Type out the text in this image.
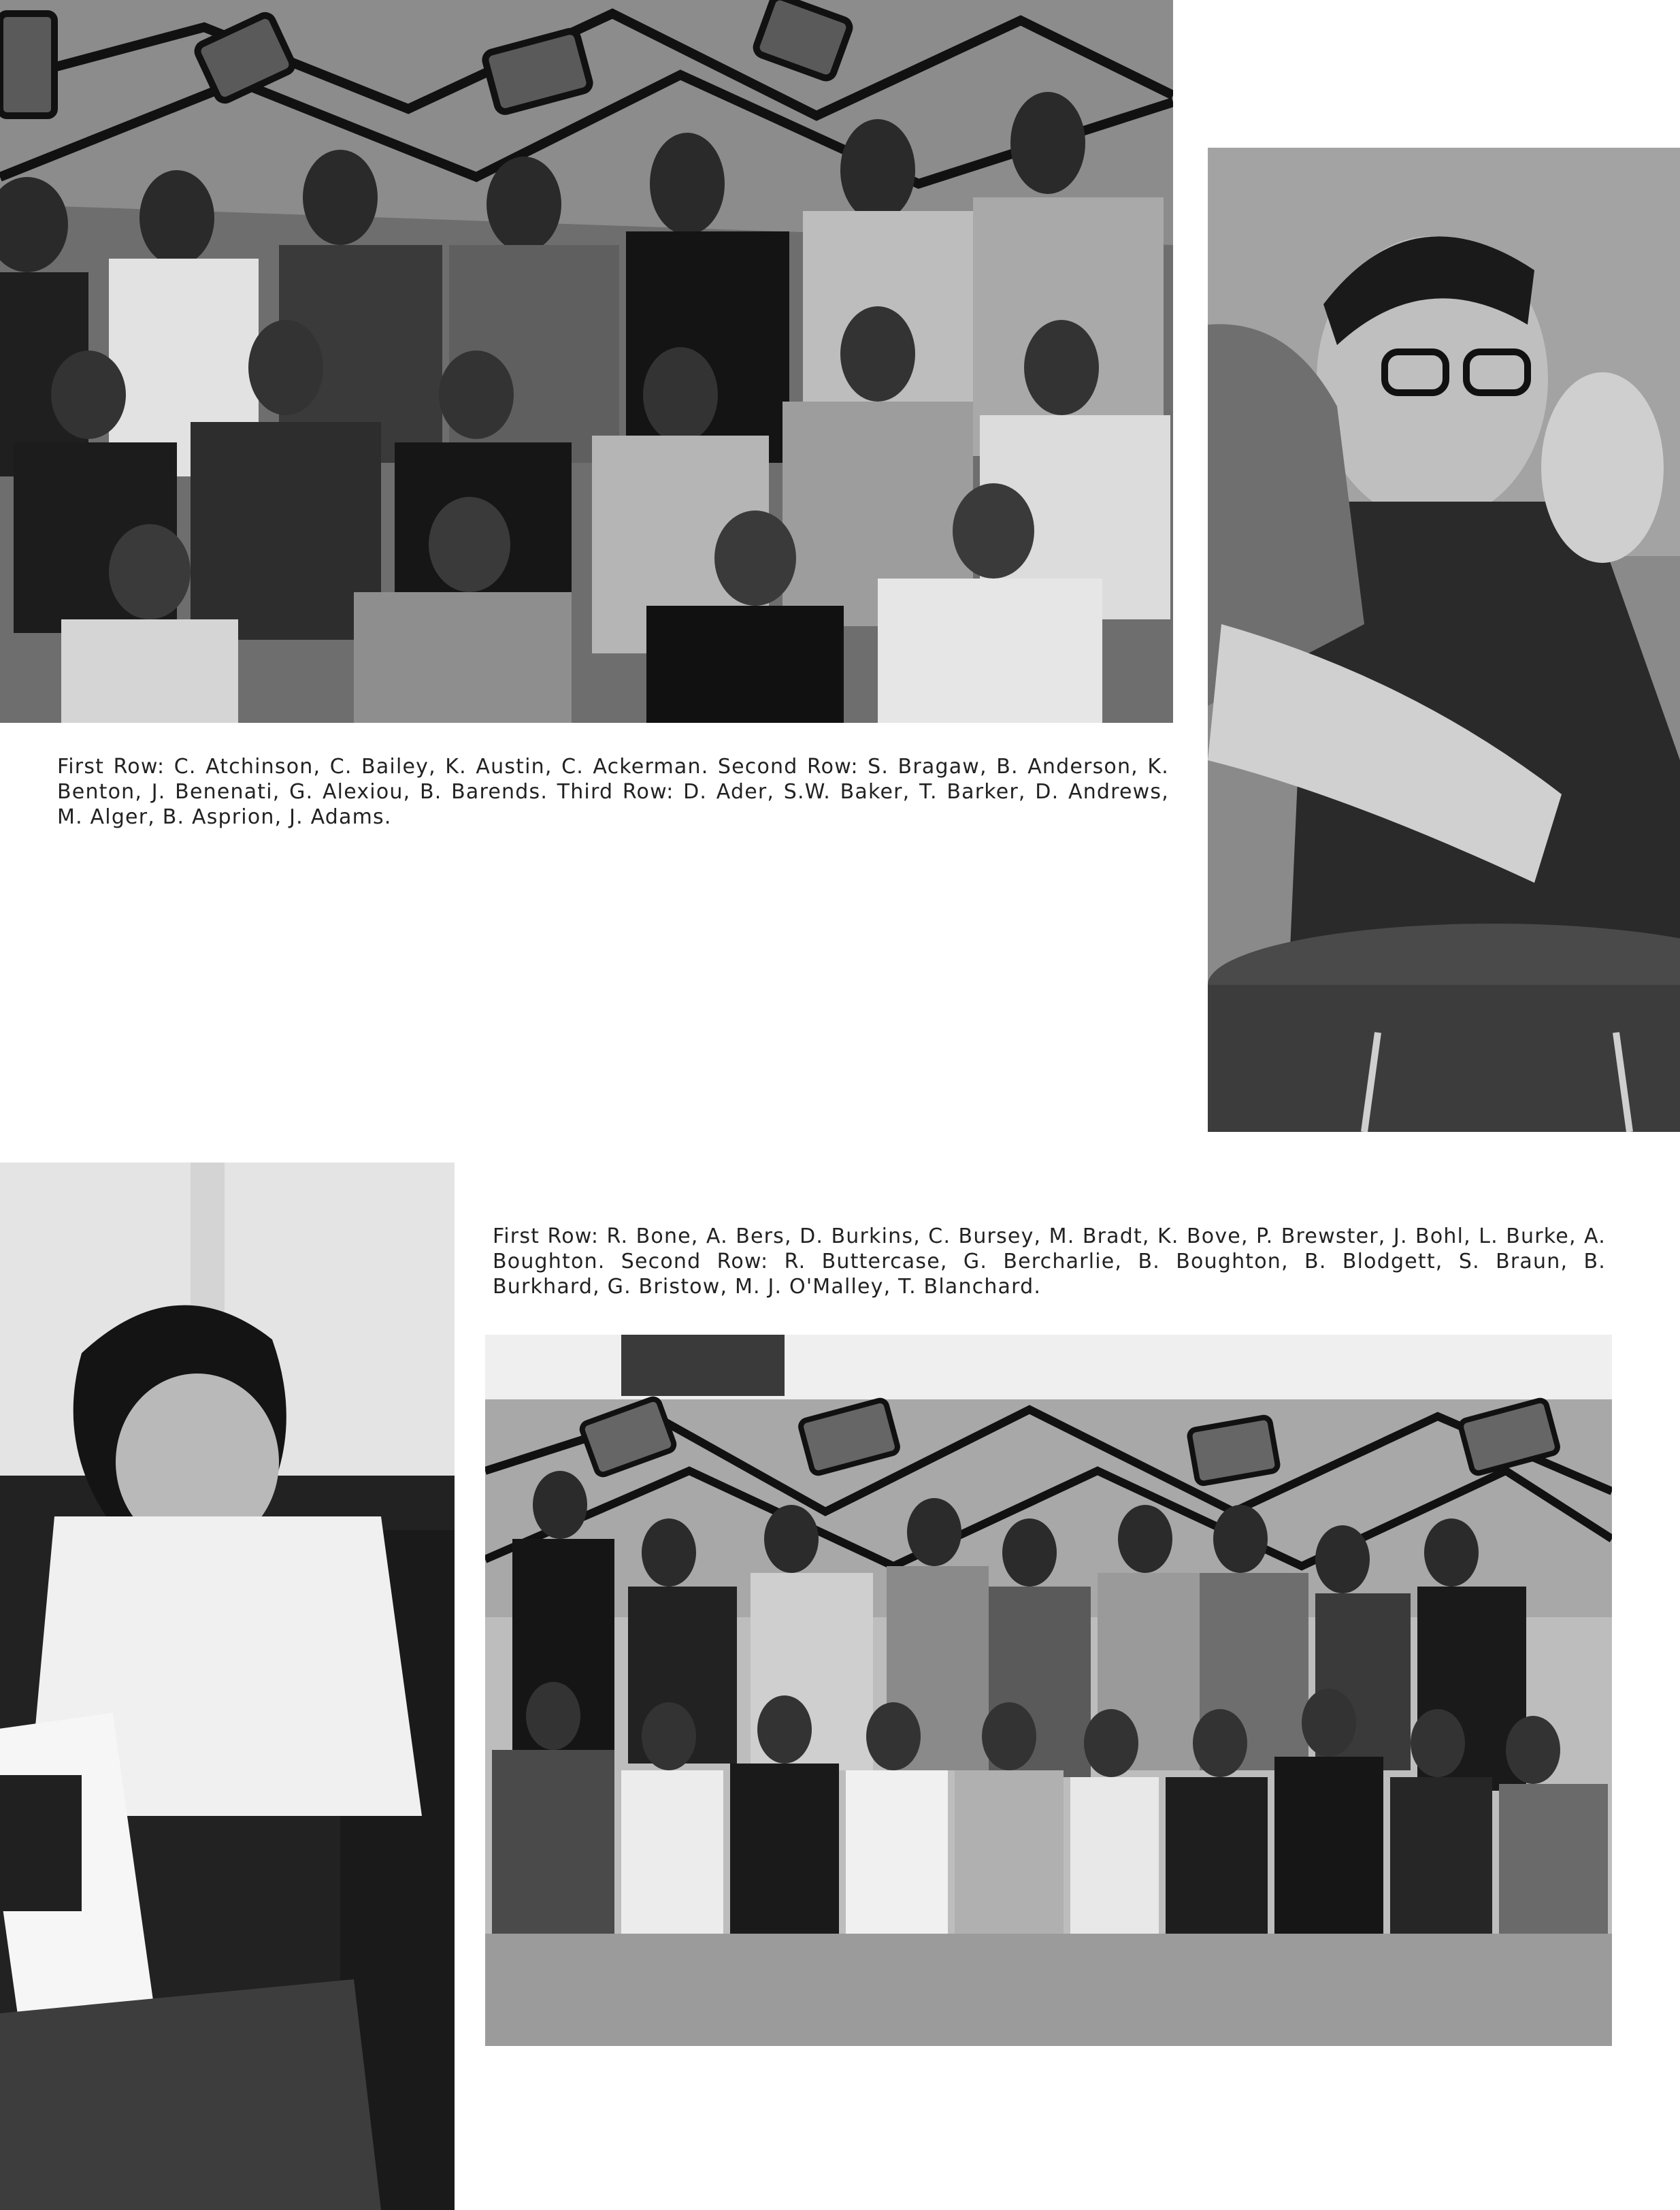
First Row: C. Atchinson, C. Bailey, K. Austin, C. Ackerman. Second Row: S. Bragaw, B. Anderson, K. Benton, J. Benenati, G. Alexiou, B. Barends. Third Row: D. Ader, S.W. Baker, T. Barker, D. Andrews, M. Alger, B. Asprion, J. Adams.
First Row: R. Bone, A. Bers, D. Burkins, C. Bursey, M. Bradt, K. Bove, P. Brewster, J. Bohl, L. Burke, A. Boughton. Second Row: R. Buttercase, G. Bercharlie, B. Boughton, B. Blodgett, S. Braun, B. Burkhard, G. Bristow, M. J. O'Malley, T. Blanchard.
